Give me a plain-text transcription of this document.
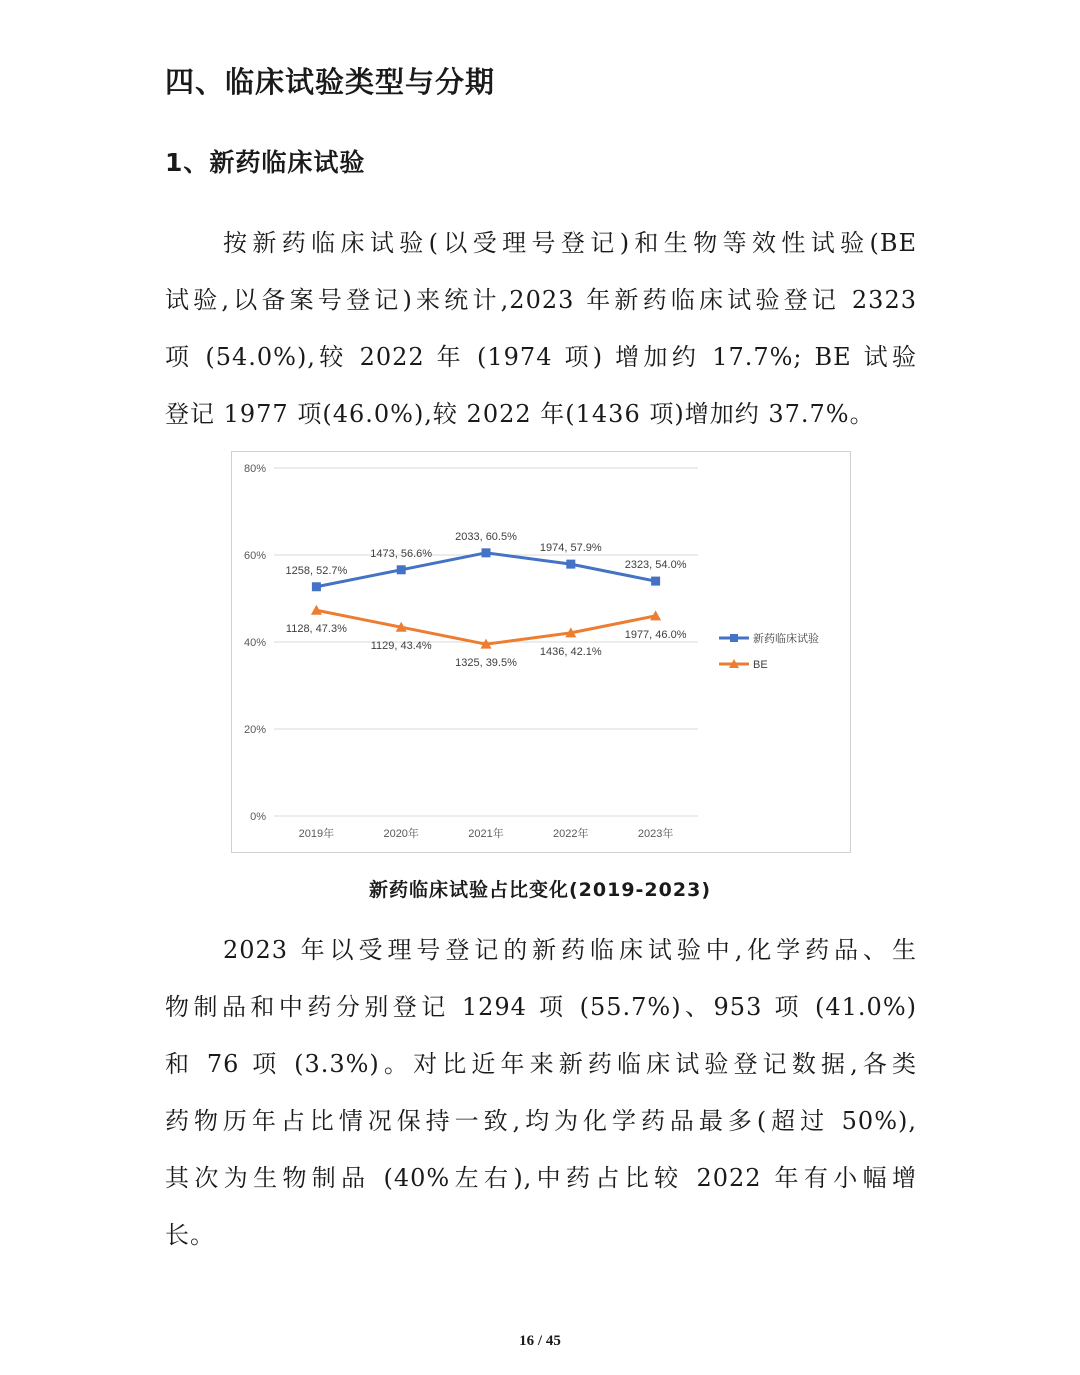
四、临床试验类型与分期
1、新药临床试验
按新药临床试验(以受理号登记)和生物等效性试验(BE
试验,以备案号登记)来统计,2023 年新药临床试验登记 2323
项 (54.0%),较 2022 年 (1974 项) 增加约 17.7%; BE 试验
登记 1977 项(46.0%),较 2022 年(1436 项)增加约 37.7%。
0%
20%
40%
60%
80%
2019年	2020年	2021年	2022年	2023年
1258, 52.7%
1473, 56.6%
2033, 60.5%
1974, 57.9%
2323, 54.0%
1128, 47.3%
1129, 43.4%
1325, 39.5%
1436, 42.1%
1977, 46.0%	新药临床试验
BE
新药临床试验占比变化(2019-2023)
2023 年以受理号登记的新药临床试验中,化学药品、生
物制品和中药分别登记 1294 项 (55.7%)、953 项 (41.0%)
和 76 项 (3.3%)。对比近年来新药临床试验登记数据,各类
药物历年占比情况保持一致,均为化学药品最多(超过 50%),
其次为生物制品 (40%左右),中药占比较 2022 年有小幅增
长。
16 / 45
